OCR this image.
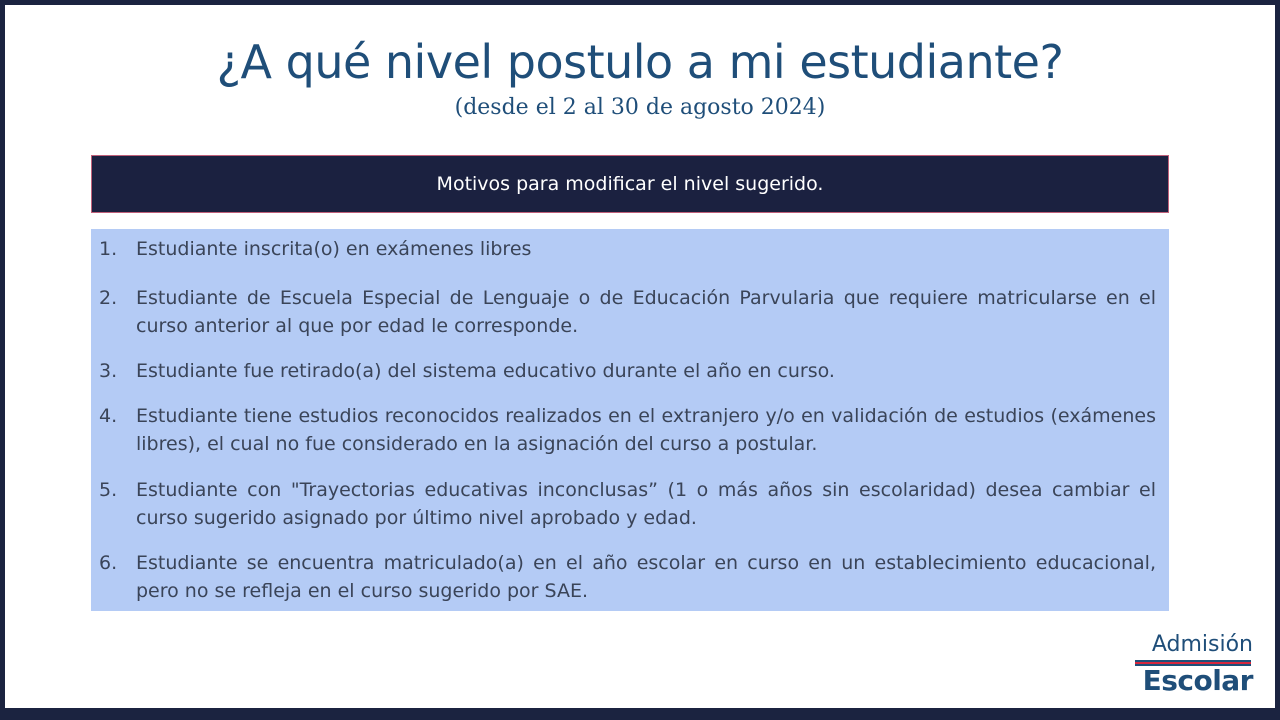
¿A qué nivel postulo a mi estudiante?
(desde el 2 al 30 de agosto 2024)
Motivos para modificar el nivel sugerido.
1. Estudiante inscrita(o) en exámenes libres
2. Estudiante de Escuela Especial de Lenguaje o de Educación Parvularia que requiere matricularse en el curso anterior al que por edad le corresponde.
3. Estudiante fue retirado(a) del sistema educativo durante el año en curso.
4. Estudiante tiene estudios reconocidos realizados en el extranjero y/o en validación de estudios (exámenes libres), el cual no fue considerado en la asignación del curso a postular.
5. Estudiante con "Trayectorias educativas inconclusas” (1 o más años sin escolaridad) desea cambiar el curso sugerido asignado por último nivel aprobado y edad.
6. Estudiante se encuentra matriculado(a) en el año escolar en curso en un establecimiento educacional, pero no se refleja en el curso sugerido por SAE.
Admisión
Escolar
